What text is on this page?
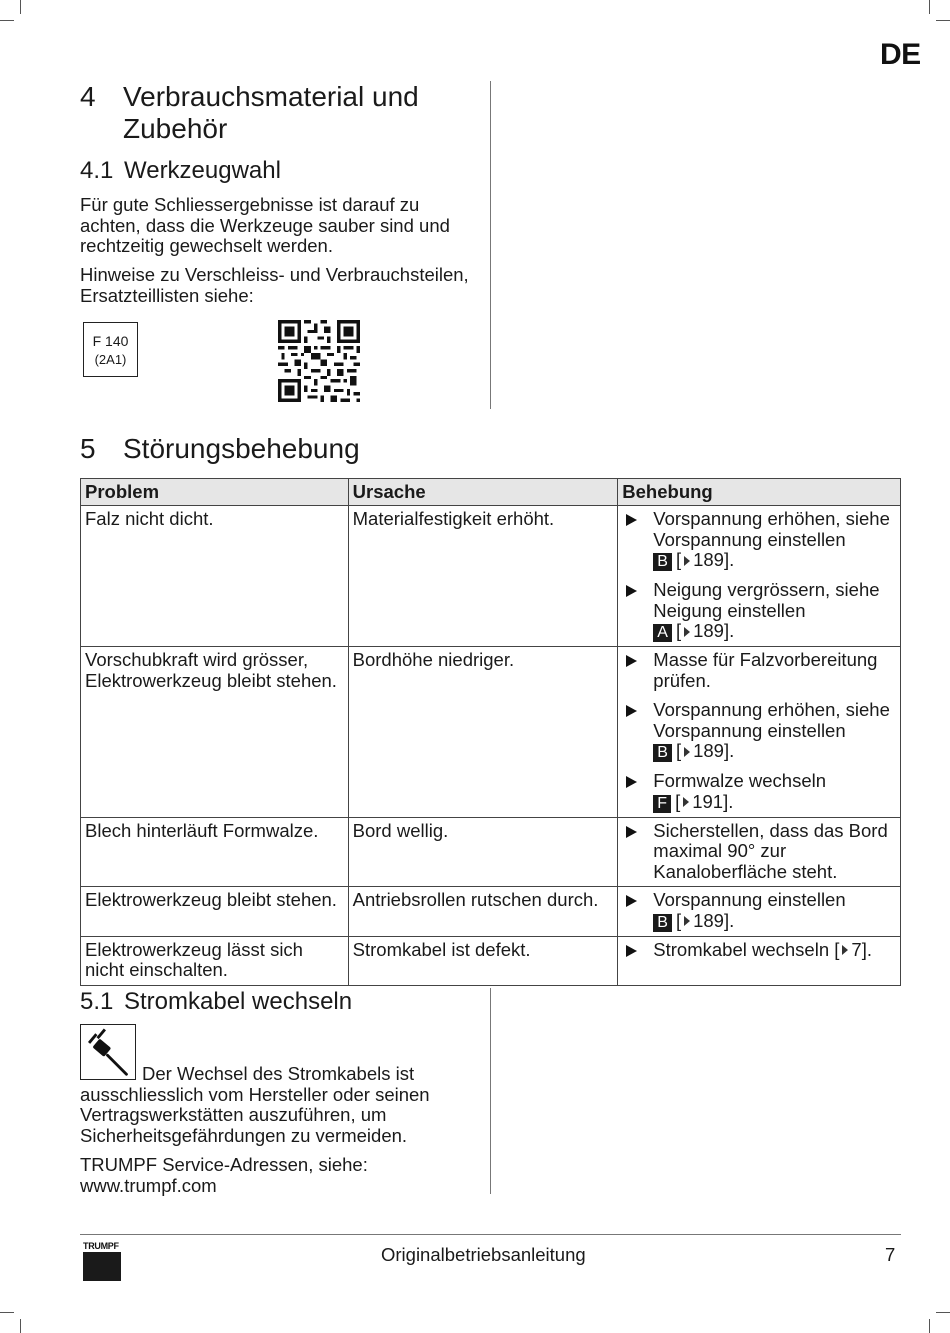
DE
4 Verbrauchsmaterial und Zubehör
4.1 Werkzeugwahl
Für gute Schliessergebnisse ist darauf zu achten, dass die Werkzeuge sauber sind und rechtzeitig gewechselt werden.
Hinweise zu Verschleiss- und Verbrauchsteilen, Ersatzteillisten siehe:
F 140
(2A1)
5 Störungsbehebung
Problem	Ursache	Behebung
Falz nicht dicht.	Materialfestigkeit erhöht.	Vorspannung erhöhen, siehe Vorspannung einstellen
B [ 189].
Neigung vergrössern, siehe Neigung einstellen
A [ 189].

Vorschubkraft wird grösser, Elektrowerkzeug bleibt stehen.	Bordhöhe niedriger.	Masse für Falzvorbereitung prüfen.
Vorspannung erhöhen, siehe Vorspannung einstellen
B [ 189].
Formwalze wechseln
F [ 191].

Blech hinterläuft Formwalze.	Bord wellig.	Sicherstellen, dass das Bord maximal 90° zur Kanaloberfläche steht.

Elektrowerkzeug bleibt stehen.	Antriebsrollen rutschen durch.	Vorspannung einstellen
B [ 189].

Elektrowerkzeug lässt sich nicht einschalten.	Stromkabel ist defekt.	Stromkabel wechseln [ 7].
5.1 Stromkabel wechseln
Der Wechsel des Stromkabels ist ausschliesslich vom Hersteller oder seinen Vertragswerkstätten auszuführen, um Sicherheitsgefährdungen zu vermeiden.
TRUMPF Service-Adressen, siehe: www.trumpf.com
TRUMPF	Originalbetriebsanleitung	7
